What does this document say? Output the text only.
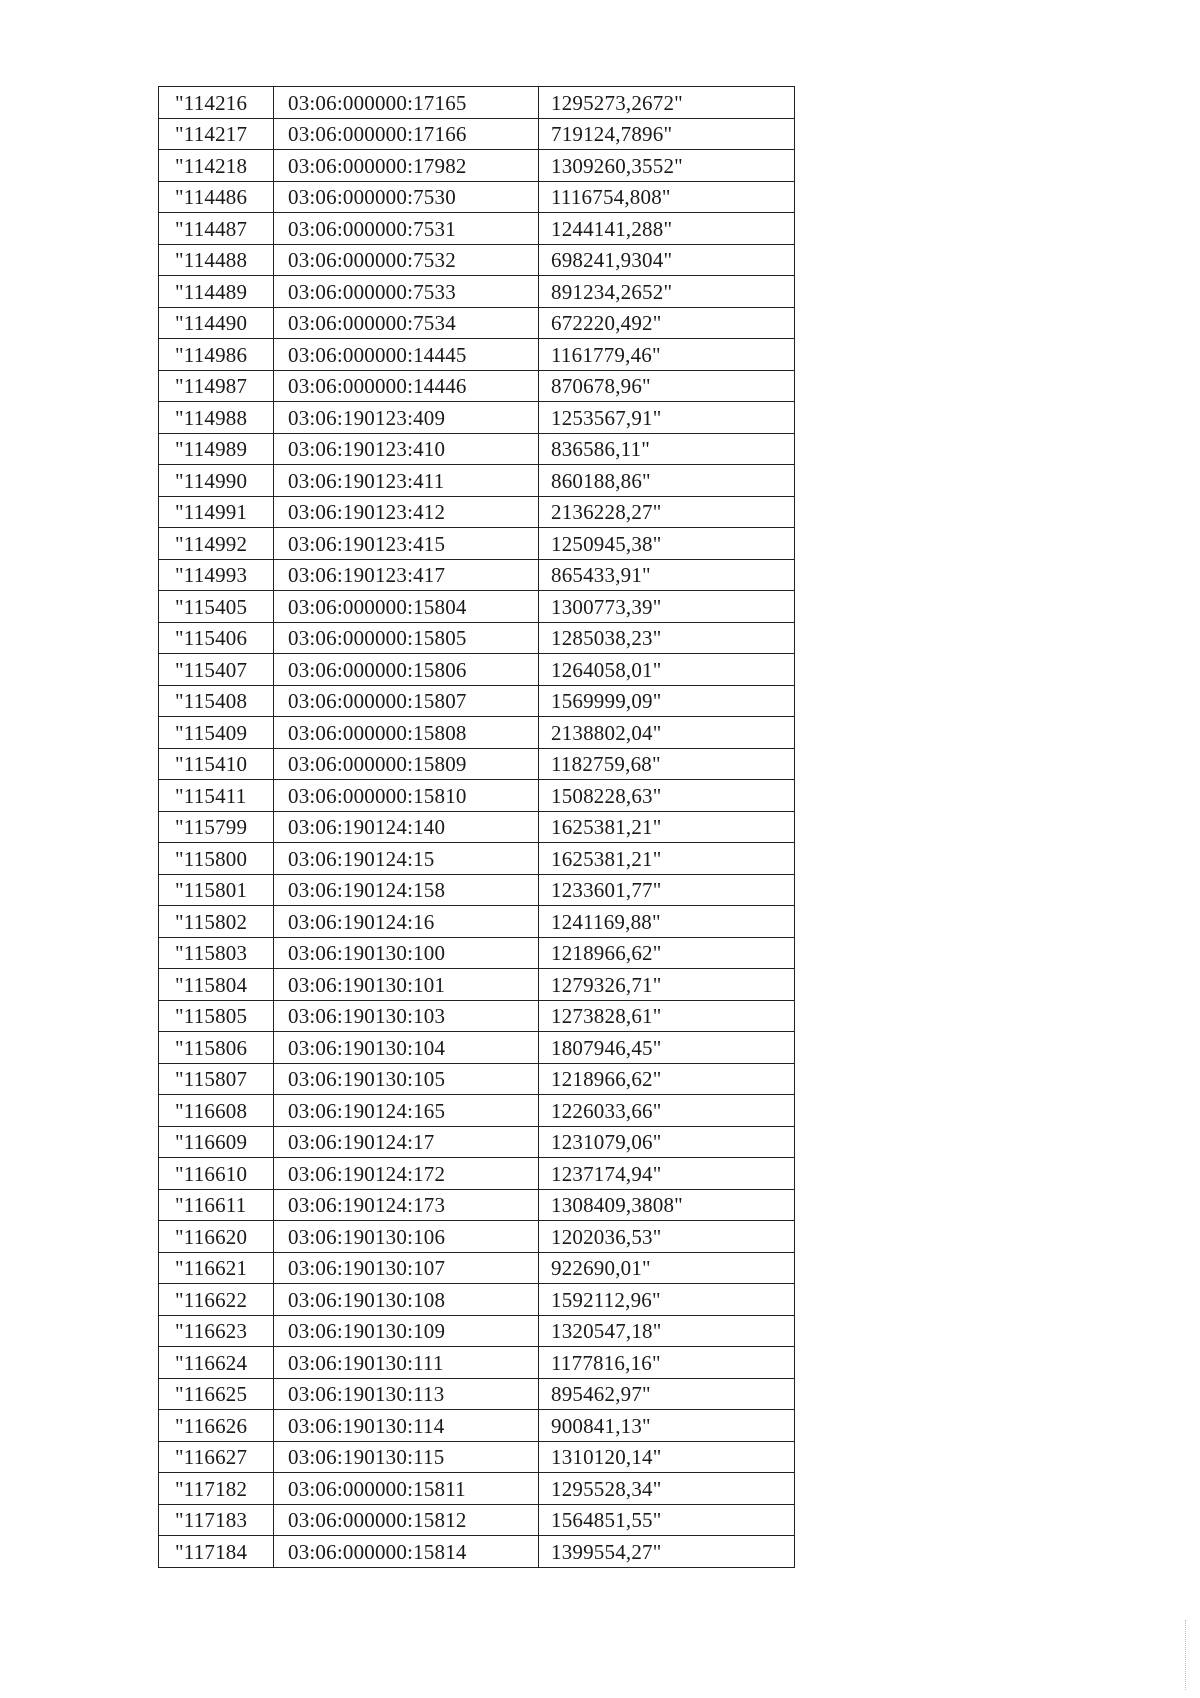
"114216	03:06:000000:17165	1295273,2672"
"114217	03:06:000000:17166	719124,7896"
"114218	03:06:000000:17982	1309260,3552"
"114486	03:06:000000:7530	1116754,808"
"114487	03:06:000000:7531	1244141,288"
"114488	03:06:000000:7532	698241,9304"
"114489	03:06:000000:7533	891234,2652"
"114490	03:06:000000:7534	672220,492"
"114986	03:06:000000:14445	1161779,46"
"114987	03:06:000000:14446	870678,96"
"114988	03:06:190123:409	1253567,91"
"114989	03:06:190123:410	836586,11"
"114990	03:06:190123:411	860188,86"
"114991	03:06:190123:412	2136228,27"
"114992	03:06:190123:415	1250945,38"
"114993	03:06:190123:417	865433,91"
"115405	03:06:000000:15804	1300773,39"
"115406	03:06:000000:15805	1285038,23"
"115407	03:06:000000:15806	1264058,01"
"115408	03:06:000000:15807	1569999,09"
"115409	03:06:000000:15808	2138802,04"
"115410	03:06:000000:15809	1182759,68"
"115411	03:06:000000:15810	1508228,63"
"115799	03:06:190124:140	1625381,21"
"115800	03:06:190124:15	1625381,21"
"115801	03:06:190124:158	1233601,77"
"115802	03:06:190124:16	1241169,88"
"115803	03:06:190130:100	1218966,62"
"115804	03:06:190130:101	1279326,71"
"115805	03:06:190130:103	1273828,61"
"115806	03:06:190130:104	1807946,45"
"115807	03:06:190130:105	1218966,62"
"116608	03:06:190124:165	1226033,66"
"116609	03:06:190124:17	1231079,06"
"116610	03:06:190124:172	1237174,94"
"116611	03:06:190124:173	1308409,3808"
"116620	03:06:190130:106	1202036,53"
"116621	03:06:190130:107	922690,01"
"116622	03:06:190130:108	1592112,96"
"116623	03:06:190130:109	1320547,18"
"116624	03:06:190130:111	1177816,16"
"116625	03:06:190130:113	895462,97"
"116626	03:06:190130:114	900841,13"
"116627	03:06:190130:115	1310120,14"
"117182	03:06:000000:15811	1295528,34"
"117183	03:06:000000:15812	1564851,55"
"117184	03:06:000000:15814	1399554,27"
